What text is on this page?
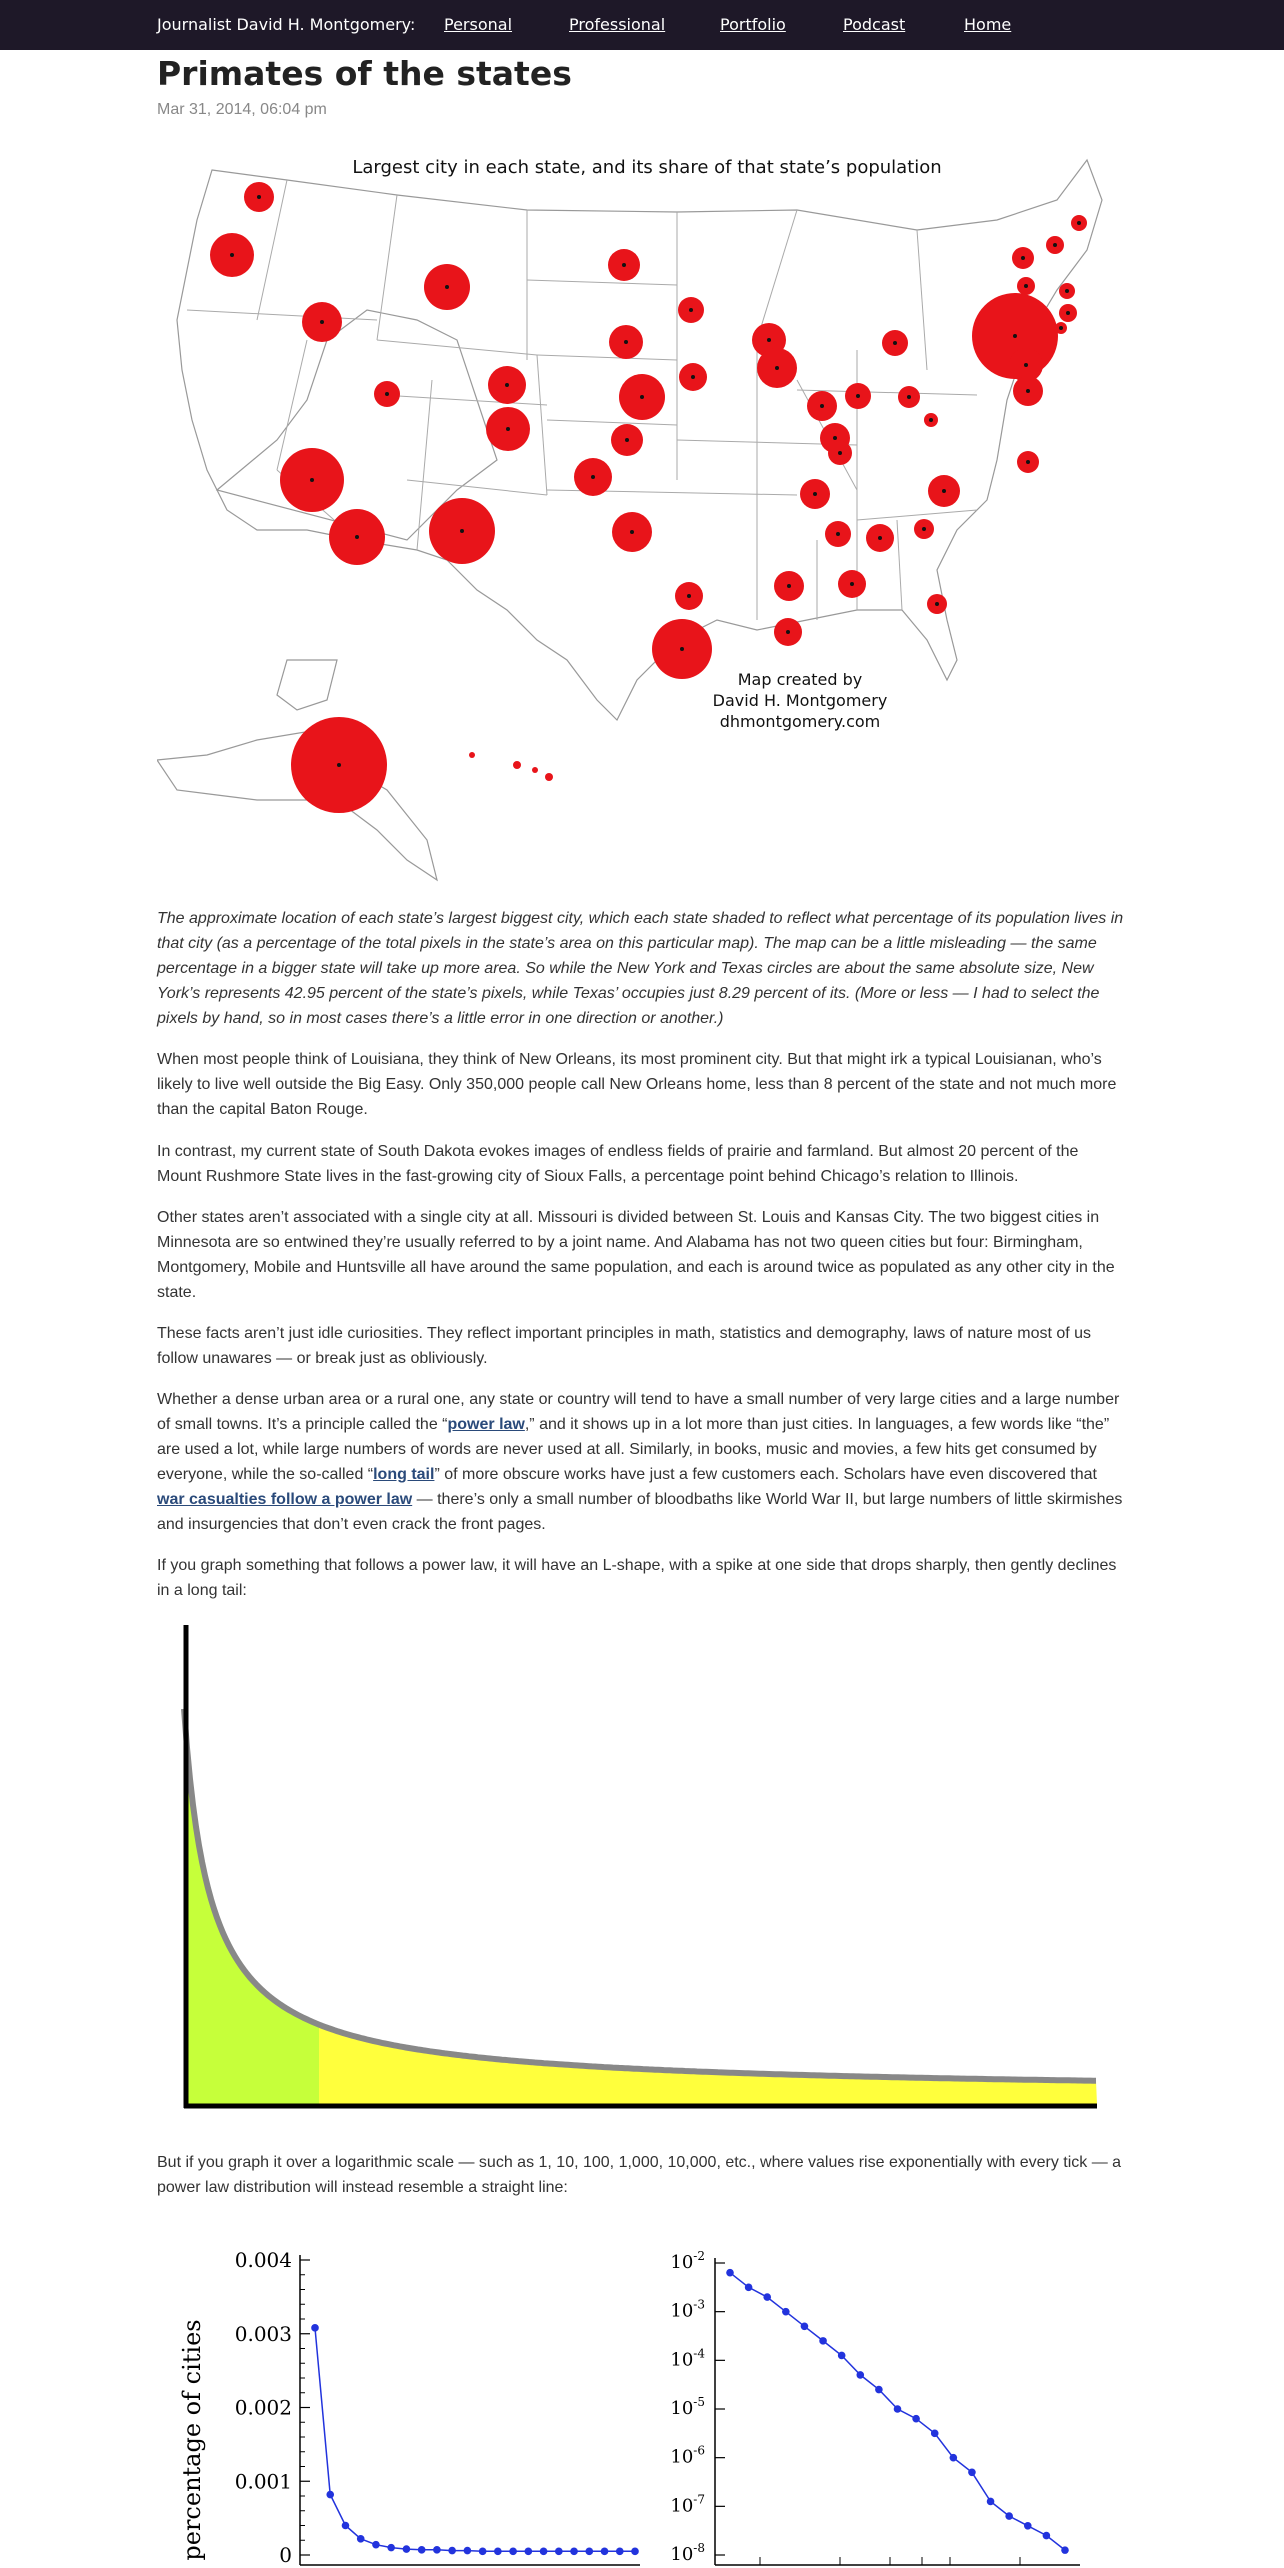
Journalist David H. Montgomery: Personal	Professional	Portfolio	Podcast	Home
Primates of the states
Mar 31, 2014, 06:04 pm
Largest city in each state, and its share of that state’s population
Map created by
David H. Montgomery
dhmontgomery.com

The approximate location of each state’s largest biggest city, which each state shaded to reflect what percentage of its population lives in that city (as a percentage of the total pixels in the state’s area on this particular map). The map can be a little misleading — the same percentage in a bigger state will take up more area. So while the New York and Texas circles are about the same absolute size, New York’s represents 42.95 percent of the state’s pixels, while Texas’ occupies just 8.29 percent of its. (More or less — I had to select the pixels by hand, so in most cases there’s a little error in one direction or another.)

When most people think of Louisiana, they think of New Orleans, its most prominent city. But that might irk a typical Louisianan, who’s likely to live well outside the Big Easy. Only 350,000 people call New Orleans home, less than 8 percent of the state and not much more than the capital Baton Rouge.

In contrast, my current state of South Dakota evokes images of endless fields of prairie and farmland. But almost 20 percent of the Mount Rushmore State lives in the fast-growing city of Sioux Falls, a percentage point behind Chicago’s relation to Illinois.

Other states aren’t associated with a single city at all. Missouri is divided between St. Louis and Kansas City. The two biggest cities in Minnesota are so entwined they’re usually referred to by a joint name. And Alabama has not two queen cities but four: Birmingham, Montgomery, Mobile and Huntsville all have around the same population, and each is around twice as populated as any other city in the state.

These facts aren’t just idle curiosities. They reflect important principles in math, statistics and demography, laws of nature most of us follow unawares — or break just as obliviously.

Whether a dense urban area or a rural one, any state or country will tend to have a small number of very large cities and a large number of small towns. It’s a principle called the “power law,” and it shows up in a lot more than just cities. In languages, a few words like “the” are used a lot, while large numbers of words are never used at all. Similarly, in books, music and movies, a few hits get consumed by everyone, while the so-called “long tail” of more obscure works have just a few customers each. Scholars have even discovered that war casualties follow a power law — there’s only a small number of bloodbaths like World War II, but large numbers of little skirmishes and insurgencies that don’t even crack the front pages.

If you graph something that follows a power law, it will have an L-shape, with a spike at one side that drops sharply, then gently declines in a long tail:

But if you graph it over a logarithmic scale — such as 1, 10, 100, 1,000, 10,000, etc., where values rise exponentially with every tick — a power law distribution will instead resemble a straight line:

percentage of cities	0
0.001
0.002
0.003
0.004	$10^{-2}$
$10^{-3}$
$10^{-4}$
$10^{-5}$
$10^{-6}$
$10^{-7}$
$10^{-8}$
